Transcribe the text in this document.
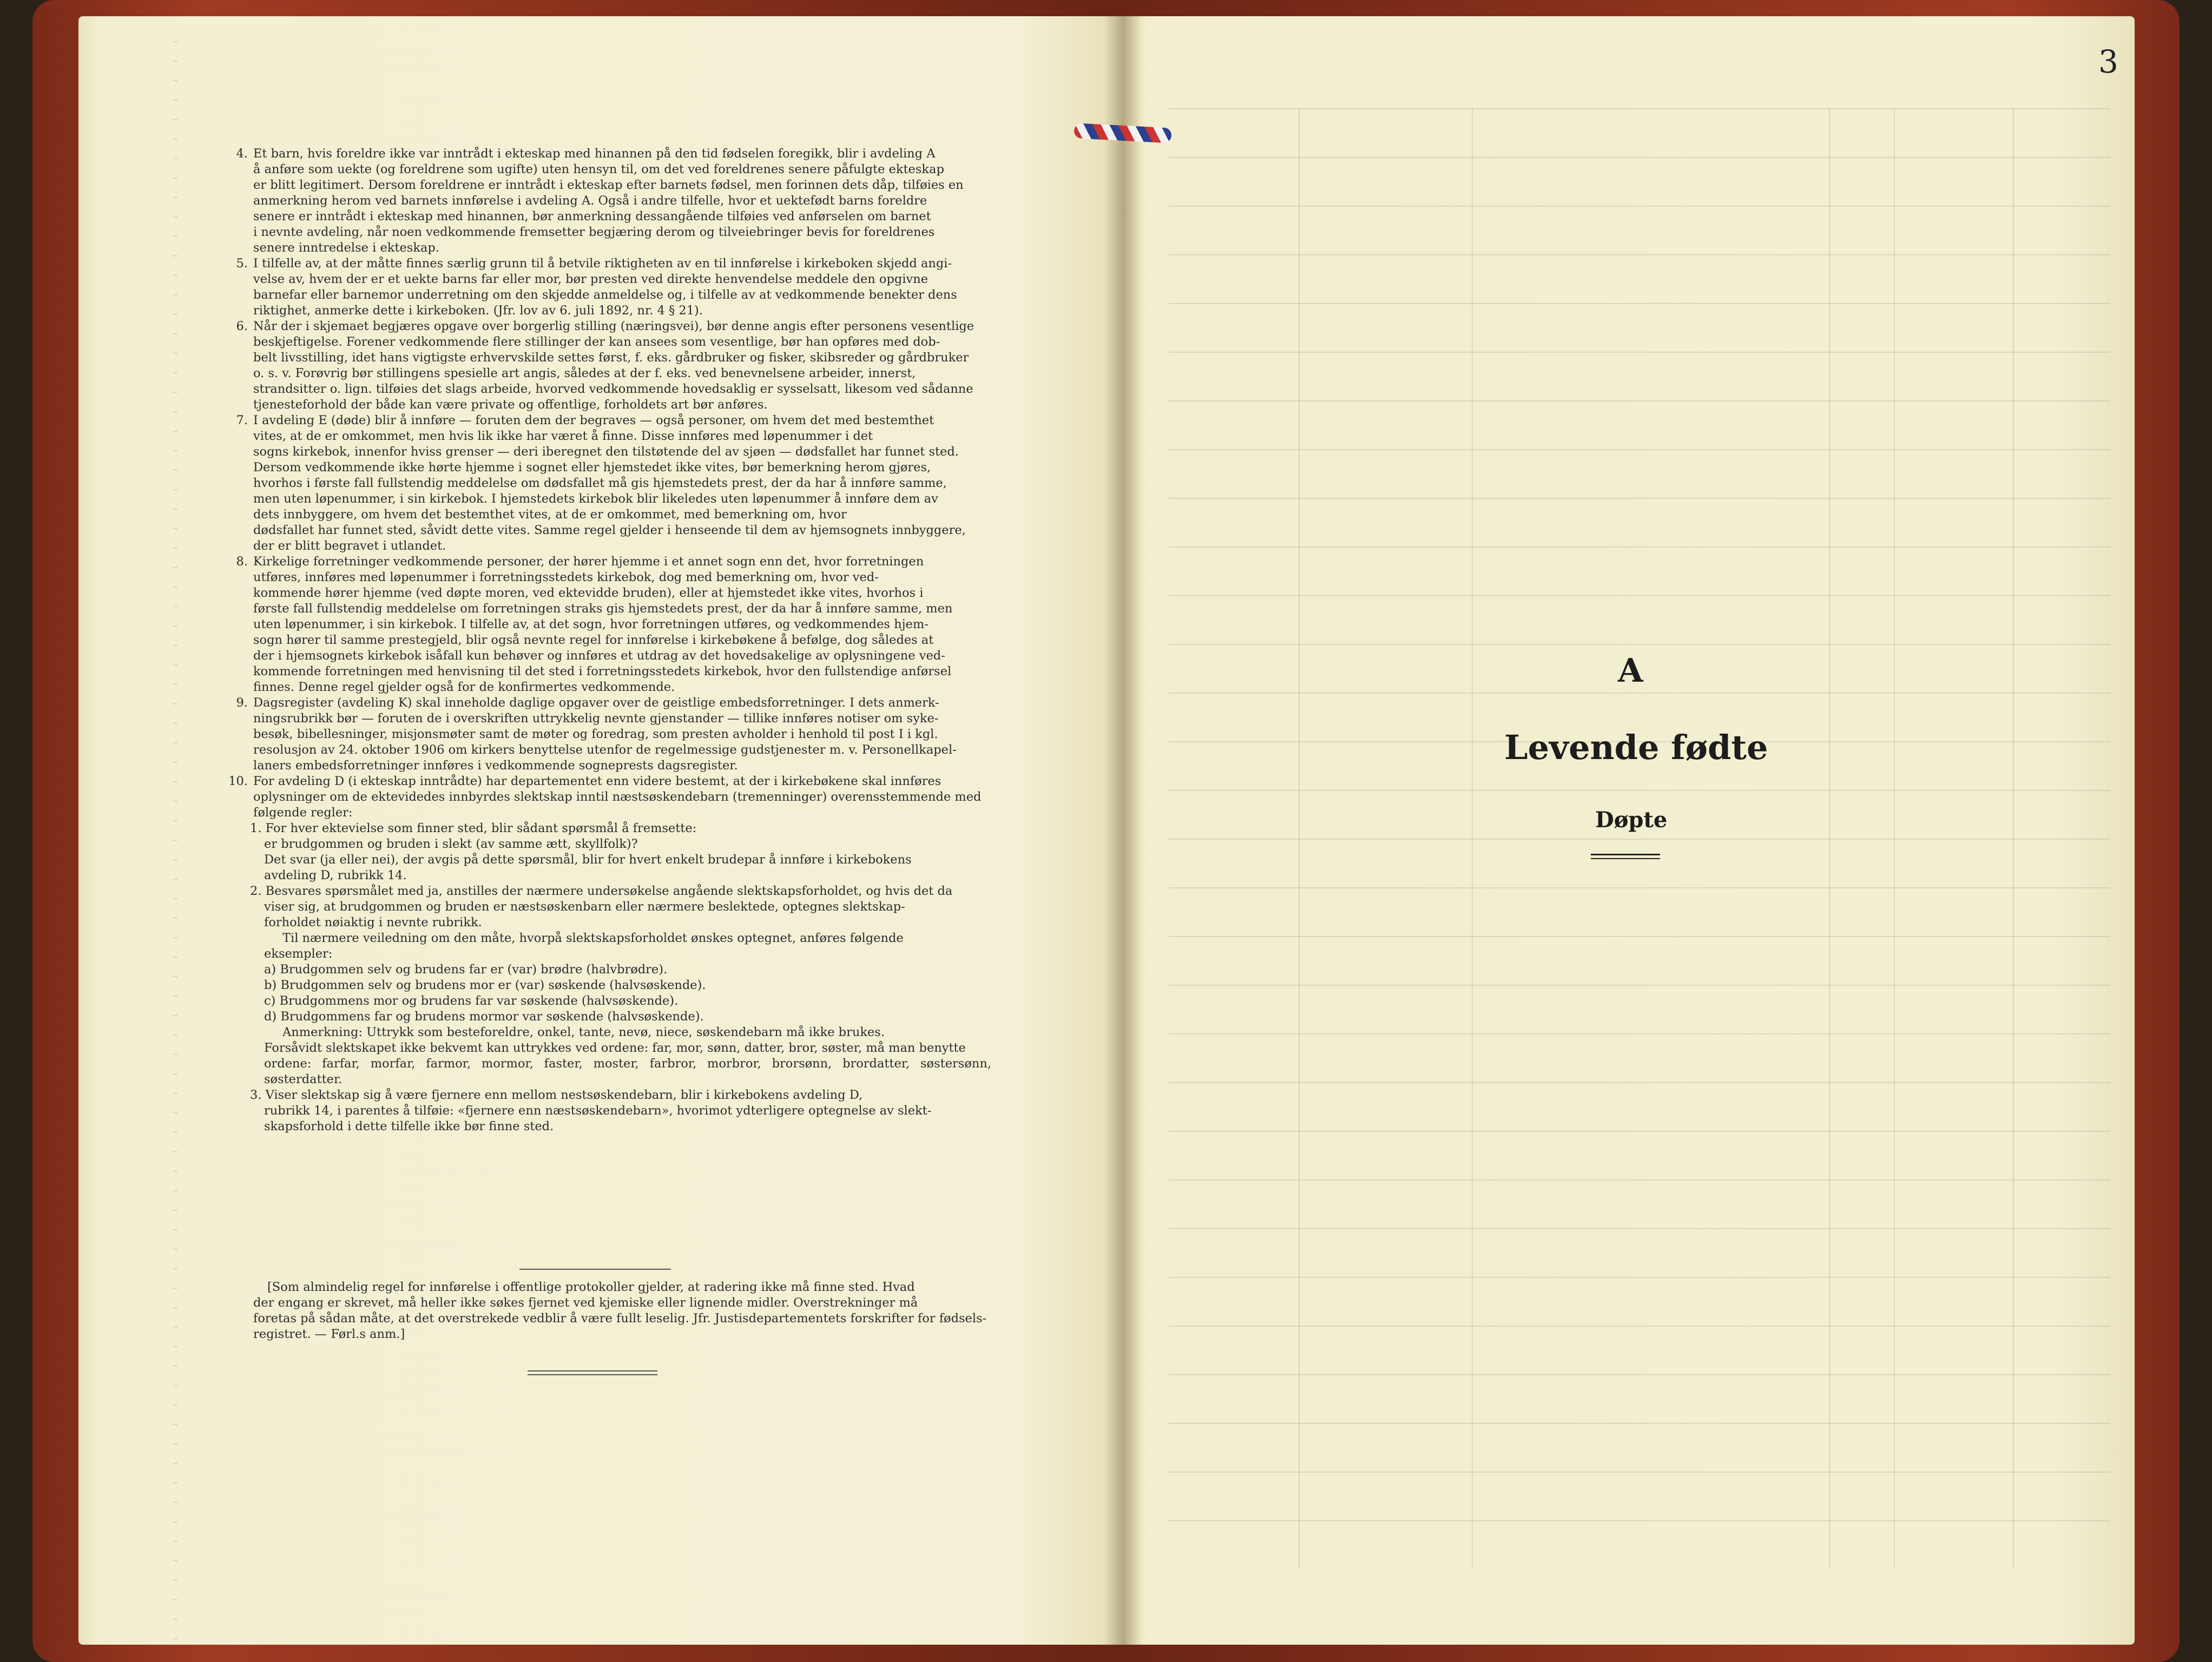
3
4. Et barn, hvis foreldre ikke var inntrådt i ekteskap med hinannen på den tid fødselen foregikk, blir i avdeling A
å anføre som uekte (og foreldrene som ugifte) uten hensyn til, om det ved foreldrenes senere påfulgte ekteskap
er blitt legitimert. Dersom foreldrene er inntrådt i ekteskap efter barnets fødsel, men forinnen dets dåp, tilføies en
anmerkning herom ved barnets innførelse i avdeling A. Også i andre tilfelle, hvor et uektefødt barns foreldre
senere er inntrådt i ekteskap med hinannen, bør anmerkning dessangående tilføies ved anførselen om barnet
i nevnte avdeling, når noen vedkommende fremsetter begjæring derom og tilveiebringer bevis for foreldrenes
senere inntredelse i ekteskap.
5. I tilfelle av, at der måtte finnes særlig grunn til å betvile riktigheten av en til innførelse i kirkeboken skjedd angi-
velse av, hvem der er et uekte barns far eller mor, bør presten ved direkte henvendelse meddele den opgivne
barnefar eller barnemor underretning om den skjedde anmeldelse og, i tilfelle av at vedkommende benekter dens
riktighet, anmerke dette i kirkeboken. (Jfr. lov av 6. juli 1892, nr. 4 § 21).
6. Når der i skjemaet begjæres opgave over borgerlig stilling (næringsvei), bør denne angis efter personens vesentlige
beskjeftigelse. Forener vedkommende flere stillinger der kan ansees som vesentlige, bør han opføres med dob-
belt livsstilling, idet hans vigtigste erhvervskilde settes først, f. eks. gårdbruker og fisker, skibsreder og gårdbruker
o. s. v. Forøvrig bør stillingens spesielle art angis, således at der f. eks. ved benevnelsene arbeider, innerst,
strandsitter o. lign. tilføies det slags arbeide, hvorved vedkommende hovedsaklig er sysselsatt, likesom ved sådanne
tjenesteforhold der både kan være private og offentlige, forholdets art bør anføres.
7. I avdeling E (døde) blir å innføre — foruten dem der begraves — også personer, om hvem det med bestemthet
vites, at de er omkommet, men hvis lik ikke har været å finne. Disse innføres med løpenummer i det
sogns kirkebok, innenfor hviss grenser — deri iberegnet den tilstøtende del av sjøen — dødsfallet har funnet sted.
Dersom vedkommende ikke hørte hjemme i sognet eller hjemstedet ikke vites, bør bemerkning herom gjøres,
hvorhos i første fall fullstendig meddelelse om dødsfallet må gis hjemstedets prest, der da har å innføre samme,
men uten løpenummer, i sin kirkebok. I hjemstedets kirkebok blir likeledes uten løpenummer å innføre dem av
dets innbyggere, om hvem det bestemthet vites, at de er omkommet, med bemerkning om, hvor
dødsfallet har funnet sted, såvidt dette vites. Samme regel gjelder i henseende til dem av hjemsognets innbyggere,
der er blitt begravet i utlandet.
8. Kirkelige forretninger vedkommende personer, der hører hjemme i et annet sogn enn det, hvor forretningen
utføres, innføres med løpenummer i forretningsstedets kirkebok, dog med bemerkning om, hvor ved-
kommende hører hjemme (ved døpte moren, ved ektevidde bruden), eller at hjemstedet ikke vites, hvorhos i
første fall fullstendig meddelelse om forretningen straks gis hjemstedets prest, der da har å innføre samme, men
uten løpenummer, i sin kirkebok. I tilfelle av, at det sogn, hvor forretningen utføres, og vedkommendes hjem-
sogn hører til samme prestegjeld, blir også nevnte regel for innførelse i kirkebøkene å befølge, dog således at
der i hjemsognets kirkebok isåfall kun behøver og innføres et utdrag av det hovedsakelige av oplysningene ved-
kommende forretningen med henvisning til det sted i forretningsstedets kirkebok, hvor den fullstendige anførsel
finnes. Denne regel gjelder også for de konfirmertes vedkommende.
9. Dagsregister (avdeling K) skal inneholde daglige opgaver over de geistlige embedsforretninger. I dets anmerk-
ningsrubrikk bør — foruten de i overskriften uttrykkelig nevnte gjenstander — tillike innføres notiser om syke-
besøk, bibellesninger, misjonsmøter samt de møter og foredrag, som presten avholder i henhold til post I i kgl.
resolusjon av 24. oktober 1906 om kirkers benyttelse utenfor de regelmessige gudstjenester m. v. Personellkapel-
laners embedsforretninger innføres i vedkommende sogneprests dagsregister.
10. For avdeling D (i ekteskap inntrådte) har departementet enn videre bestemt, at der i kirkebøkene skal innføres
oplysninger om de ektevidedes innbyrdes slektskap inntil næstsøskendebarn (tremenninger) overensstemmende med
følgende regler:
1. For hver ektevielse som finner sted, blir sådant spørsmål å fremsette:
er brudgommen og bruden i slekt (av samme ætt, skyllfolk)?
Det svar (ja eller nei), der avgis på dette spørsmål, blir for hvert enkelt brudepar å innføre i kirkebokens
avdeling D, rubrikk 14.
2. Besvares spørsmålet med ja, anstilles der nærmere undersøkelse angående slektskapsforholdet, og hvis det da
viser sig, at brudgommen og bruden er næstsøskenbarn eller nærmere beslektede, optegnes slektskap-
forholdet nøiaktig i nevnte rubrikk.
Til nærmere veiledning om den måte, hvorpå slektskapsforholdet ønskes optegnet, anføres følgende
eksempler:
a) Brudgommen selv og brudens far er (var) brødre (halvbrødre).
b) Brudgommen selv og brudens mor er (var) søskende (halvsøskende).
c) Brudgommens mor og brudens far var søskende (halvsøskende).
d) Brudgommens far og brudens mormor var søskende (halvsøskende).
Anmerkning: Uttrykk som besteforeldre, onkel, tante, nevø, niece, søskendebarn må ikke brukes.
Forsåvidt slektskapet ikke bekvemt kan uttrykkes ved ordene: far, mor, sønn, datter, bror, søster, må man benytte
ordene: farfar, morfar, farmor, mormor, faster, moster, farbror, morbror, brorsønn, brordatter, søstersønn, søsterdatter.
3. Viser slektskap sig å være fjernere enn mellom nestsøskendebarn, blir i kirkebokens avdeling D,
rubrikk 14, i parentes å tilføie: «fjernere enn næstsøskendebarn», hvorimot ydterligere optegnelse av slekt-
skapsforhold i dette tilfelle ikke bør finne sted.
[Som almindelig regel for innførelse i offentlige protokoller gjelder, at radering ikke må finne sted. Hvad
der engang er skrevet, må heller ikke søkes fjernet ved kjemiske eller lignende midler. Overstrekninger må
foretas på sådan måte, at det overstrekede vedblir å være fullt leselig. Jfr. Justisdepartementets forskrifter for fødsels-
registret. — Førl.s anm.]
A
Levende fødte
Døpte
